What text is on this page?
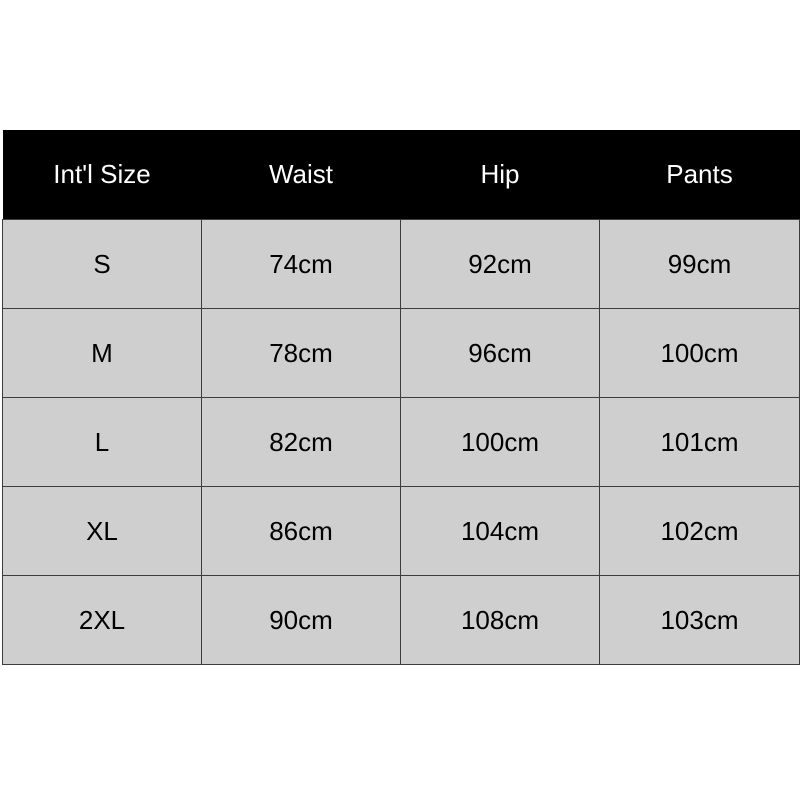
Int'l Size	Waist	Hip	Pants
S	74cm	92cm	99cm
M	78cm	96cm	100cm
L	82cm	100cm	101cm
XL	86cm	104cm	102cm
2XL	90cm	108cm	103cm
